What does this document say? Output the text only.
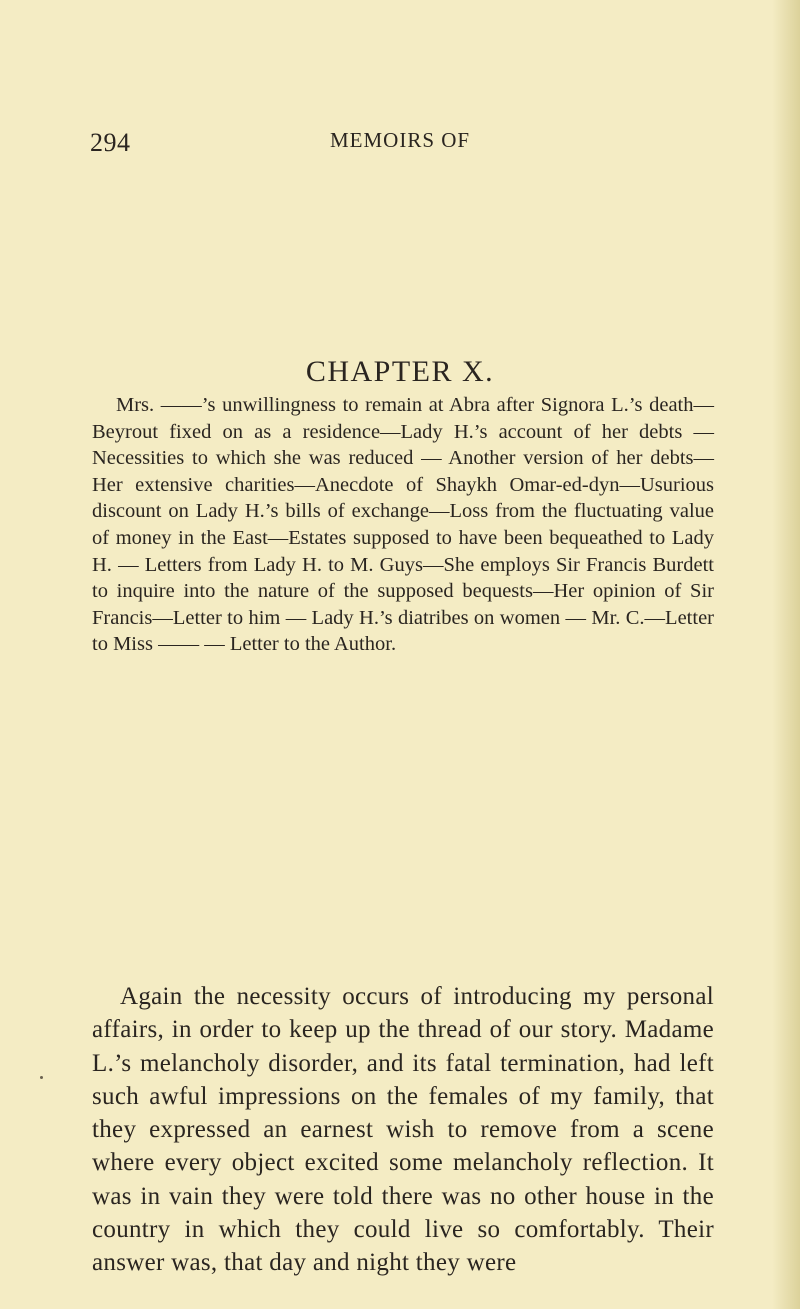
294	MEMOIRS OF
CHAPTER X.

Mrs. ——’s unwillingness to remain at Abra after Signora L.’s death—Beyrout fixed on as a residence—Lady H.’s account of her debts — Necessities to which she was reduced — Another version of her debts—Her extensive charities—Anecdote of Shaykh Omar-ed-dyn—Usurious discount on Lady H.’s bills of exchange—Loss from the fluctuating value of money in the East—Estates supposed to have been bequeathed to Lady H. — Letters from Lady H. to M. Guys—She employs Sir Francis Burdett to inquire into the nature of the supposed bequests—Her opinion of Sir Francis—Letter to him — Lady H.’s diatribes on women — Mr. C.—Letter to Miss —— — Letter to the Author.

Again the necessity occurs of introducing my personal affairs, in order to keep up the thread of our story. Madame L.’s melancholy disorder, and its fatal termination, had left such awful impressions on the females of my family, that they expressed an earnest wish to remove from a scene where every object excited some melancholy reflection. It was in vain they were told there was no other house in the country in which they could live so comfortably. Their answer was, that day and night they were
